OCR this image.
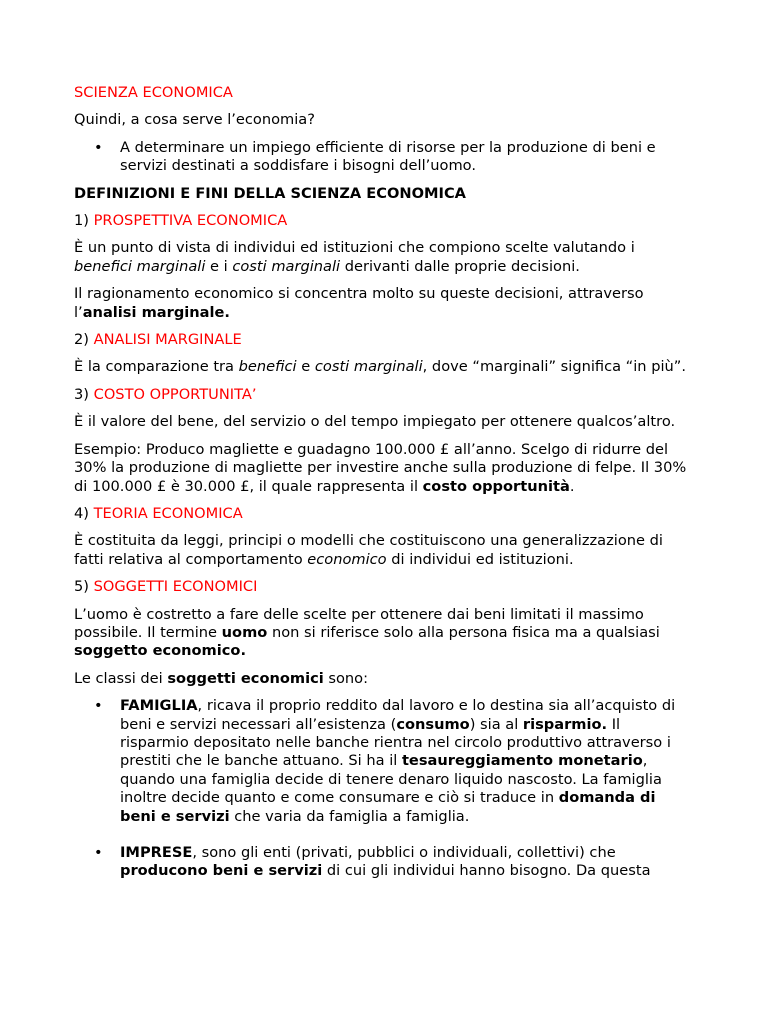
SCIENZA ECONOMICA

Quindi, a cosa serve l’economia?

• A determinare un impiego efficiente di risorse per la produzione di beni e servizi destinati a soddisfare i bisogni dell’uomo.

DEFINIZIONI E FINI DELLA SCIENZA ECONOMICA

1) PROSPETTIVA ECONOMICA

È un punto di vista di individui ed istituzioni che compiono scelte valutando i benefici marginali e i costi marginali derivanti dalle proprie decisioni.

Il ragionamento economico si concentra molto su queste decisioni, attraverso l’analisi marginale.

2) ANALISI MARGINALE

È la comparazione tra benefici e costi marginali, dove “marginali” significa “in più”.

3) COSTO OPPORTUNITA’

È il valore del bene, del servizio o del tempo impiegato per ottenere qualcos’altro.

Esempio: Produco magliette e guadagno 100.000 £ all’anno. Scelgo di ridurre del 30% la produzione di magliette per investire anche sulla produzione di felpe. Il 30% di 100.000 £ è 30.000 £, il quale rappresenta il costo opportunità.

4) TEORIA ECONOMICA

È costituita da leggi, principi o modelli che costituiscono una generalizzazione di fatti relativa al comportamento economico di individui ed istituzioni.

5) SOGGETTI ECONOMICI

L’uomo è costretto a fare delle scelte per ottenere dai beni limitati il massimo possibile. Il termine uomo non si riferisce solo alla persona fisica ma a qualsiasi soggetto economico.

Le classi dei soggetti economici sono:

• FAMIGLIA, ricava il proprio reddito dal lavoro e lo destina sia all’acquisto di beni e servizi necessari all’esistenza (consumo) sia al risparmio. Il risparmio depositato nelle banche rientra nel circolo produttivo attraverso i prestiti che le banche attuano. Si ha il tesaureggiamento monetario, quando una famiglia decide di tenere denaro liquido nascosto. La famiglia inoltre decide quanto e come consumare e ciò si traduce in domanda di beni e servizi che varia da famiglia a famiglia.
• IMPRESE, sono gli enti (privati, pubblici o individuali, collettivi) che producono beni e servizi di cui gli individui hanno bisogno. Da questa
